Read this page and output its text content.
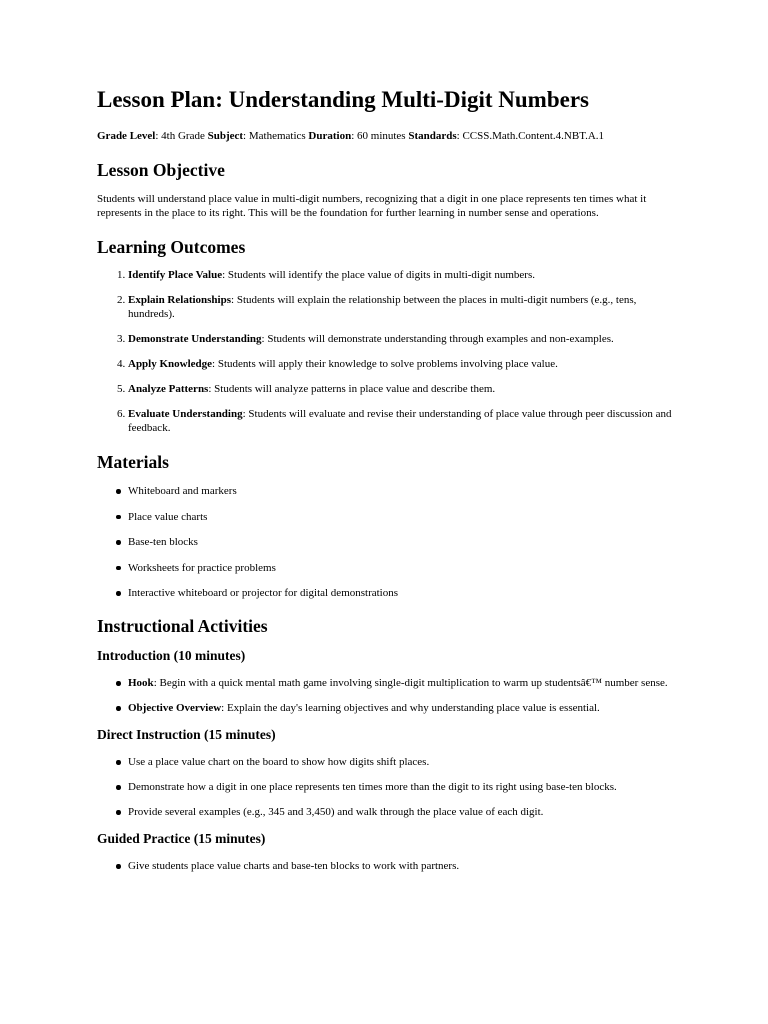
Lesson Plan: Understanding Multi-Digit Numbers

Grade Level: 4th Grade Subject: Mathematics Duration: 60 minutes Standards: CCSS.Math.Content.4.NBT.A.1

Lesson Objective

Students will understand place value in multi-digit numbers, recognizing that a digit in one place represents ten times what it represents in the place to its right. This will be the foundation for further learning in number sense and operations.

Learning Outcomes
1. Identify Place Value: Students will identify the place value of digits in multi-digit numbers.
2. Explain Relationships: Students will explain the relationship between the places in multi-digit numbers (e.g., tens, hundreds).
3. Demonstrate Understanding: Students will demonstrate understanding through examples and non-examples.
4. Apply Knowledge: Students will apply their knowledge to solve problems involving place value.
5. Analyze Patterns: Students will analyze patterns in place value and describe them.
6. Evaluate Understanding: Students will evaluate and revise their understanding of place value through peer discussion and feedback.
Materials
Whiteboard and markers
Place value charts
Base-ten blocks
Worksheets for practice problems
Interactive whiteboard or projector for digital demonstrations
Instructional Activities
Introduction (10 minutes)
Hook: Begin with a quick mental math game involving single-digit multiplication to warm up studentsâ€™ number sense.
Objective Overview: Explain the day's learning objectives and why understanding place value is essential.
Direct Instruction (15 minutes)
Use a place value chart on the board to show how digits shift places.
Demonstrate how a digit in one place represents ten times more than the digit to its right using base-ten blocks.
Provide several examples (e.g., 345 and 3,450) and walk through the place value of each digit.
Guided Practice (15 minutes)
Give students place value charts and base-ten blocks to work with partners.
